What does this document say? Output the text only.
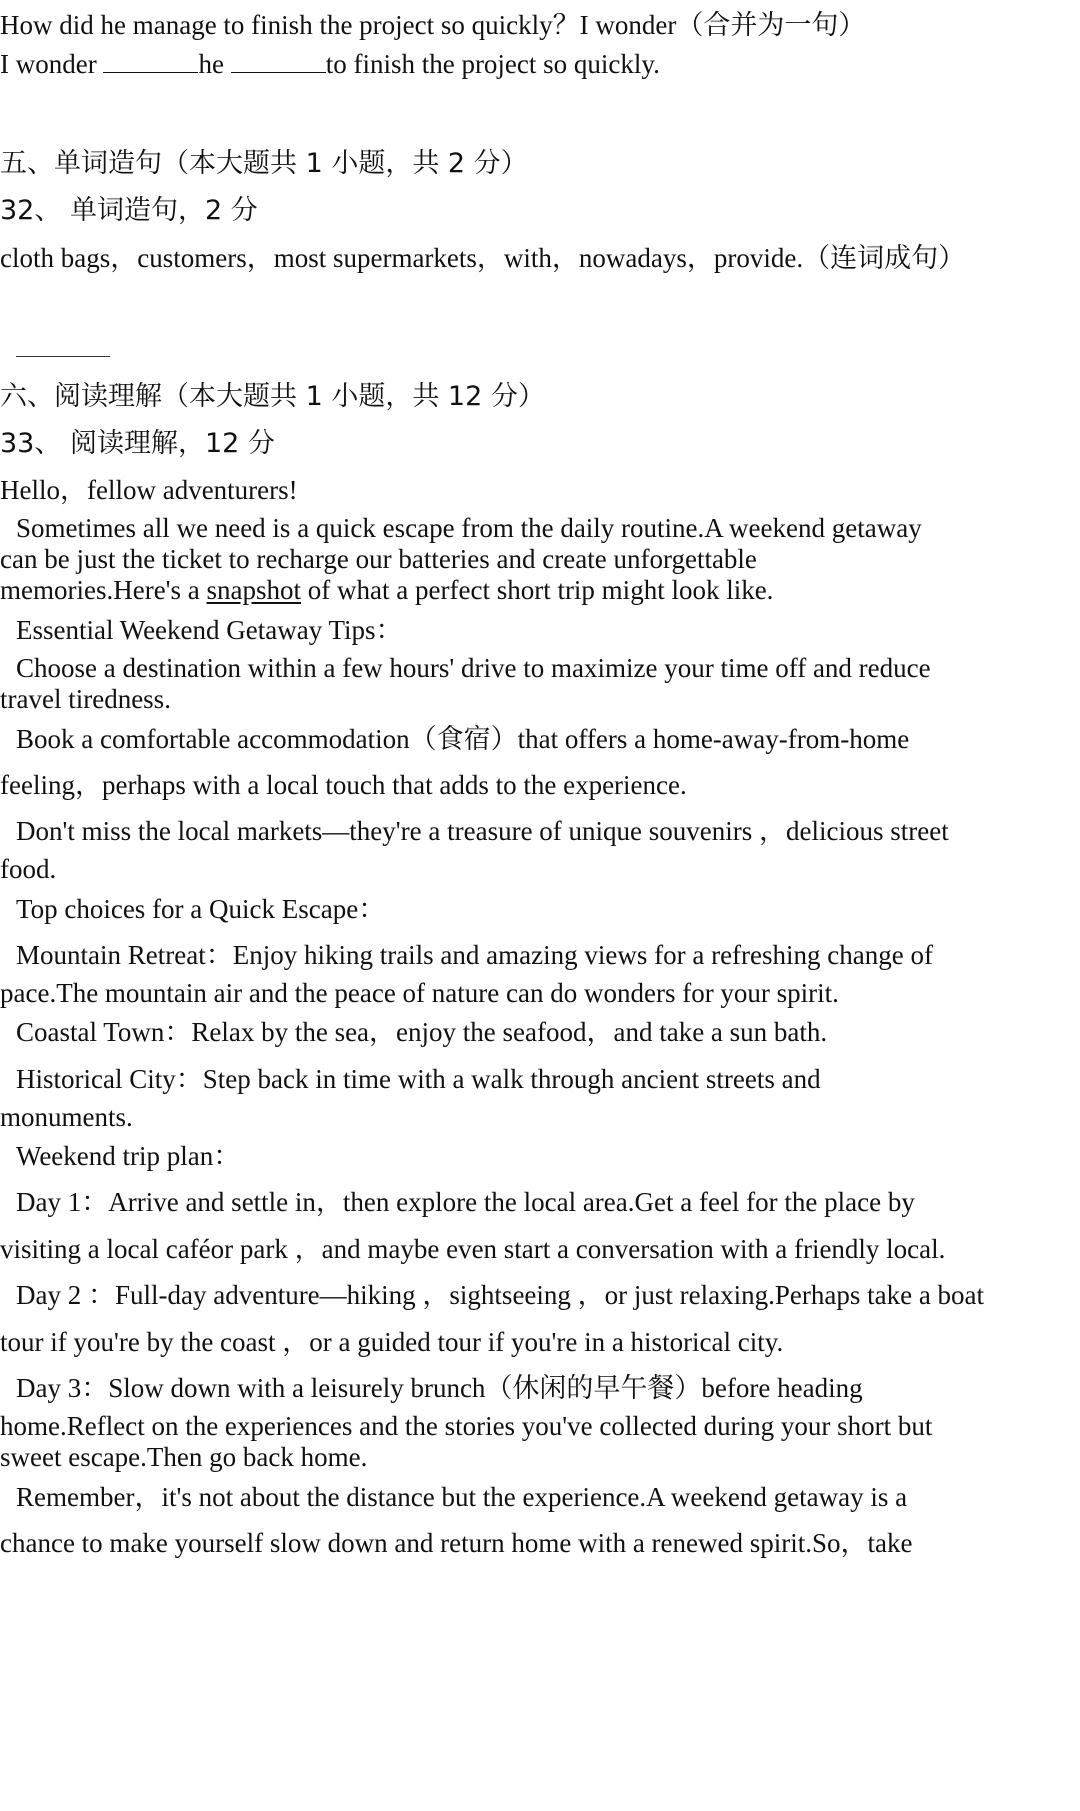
How did he manage to finish the project so quickly？I wonder（合并为一句）
I wonder	he	to finish the project so quickly.
五、单词造句（本大题共 1 小题，共 2 分）
32、 单词造句，2 分
cloth bags，customers，most supermarkets，with，nowadays，provide.（连词成句）
六、阅读理解（本大题共 1 小题，共 12 分）
33、 阅读理解，12 分
Hello，fellow adventurers!
Sometimes all we need is a quick escape from the daily routine.A weekend getaway
can be just the ticket to recharge our batteries and create unforgettable
memories.Here's a snapshot of what a perfect short trip might look like.
Essential Weekend Getaway Tips：
Choose a destination within a few hours' drive to maximize your time off and reduce
travel tiredness.
Book a comfortable accommodation（食宿）that offers a home-away-from-home
feeling，perhaps with a local touch that adds to the experience.
Don't miss the local markets—they're a treasure of unique souvenirs ，delicious street
food.
Top choices for a Quick Escape：
Mountain Retreat：Enjoy hiking trails and amazing views for a refreshing change of
pace.The mountain air and the peace of nature can do wonders for your spirit.
Coastal Town：Relax by the sea，enjoy the seafood，and take a sun bath.
Historical City：Step back in time with a walk through ancient streets and
monuments.
Weekend trip plan：
Day 1：Arrive and settle in，then explore the local area.Get a feel for the place by
visiting a local caféor park ，and maybe even start a conversation with a friendly local.
Day 2 ：Full-day adventure—hiking ，sightseeing ，or just relaxing.Perhaps take a boat
tour if you're by the coast ，or a guided tour if you're in a historical city.
Day 3：Slow down with a leisurely brunch（休闲的早午餐）before heading
home.Reflect on the experiences and the stories you've collected during your short but
sweet escape.Then go back home.
Remember，it's not about the distance but the experience.A weekend getaway is a
chance to make yourself slow down and return home with a renewed spirit.So，take
